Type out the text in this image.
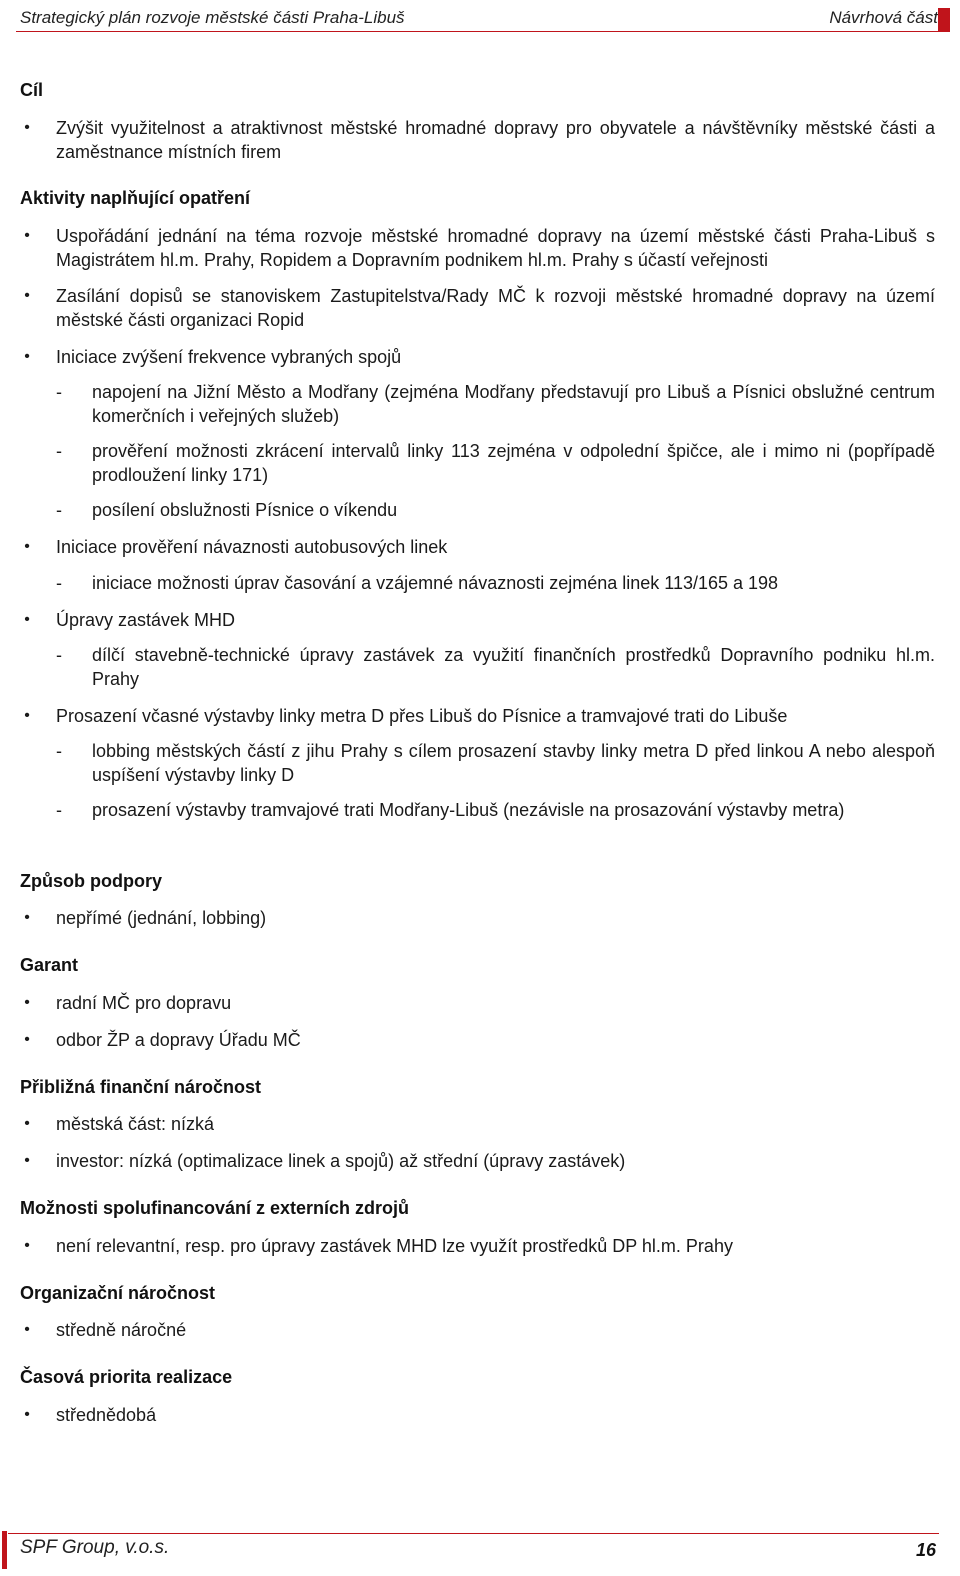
Strategický plán rozvoje městské části Praha-Libuš	Návrhová část
Cíl
• Zvýšit využitelnost a atraktivnost městské hromadné dopravy pro obyvatele a návštěvníky městské části a zaměstnance místních firem
Aktivity naplňující opatření
• Uspořádání jednání na téma rozvoje městské hromadné dopravy na území městské části Praha-Libuš s Magistrátem hl.m. Prahy, Ropidem a Dopravním podnikem hl.m. Prahy s účastí veřejnosti
• Zasílání dopisů se stanoviskem Zastupitelstva/Rady MČ k rozvoji městské hromadné dopravy na území městské části organizaci Ropid
• Iniciace zvýšení frekvence vybraných spojů
- napojení na Jižní Město a Modřany (zejména Modřany představují pro Libuš a Písnici obslužné centrum komerčních i veřejných služeb)
- prověření možnosti zkrácení intervalů linky 113 zejména v odpolední špičce, ale i mimo ni (popřípadě prodloužení linky 171)
- posílení obslužnosti Písnice o víkendu
• Iniciace prověření návaznosti autobusových linek
- iniciace možnosti úprav časování a vzájemné návaznosti zejména linek 113/165 a 198
• Úpravy zastávek MHD
- dílčí stavebně-technické úpravy zastávek za využití finančních prostředků Dopravního podniku hl.m. Prahy
• Prosazení včasné výstavby linky metra D přes Libuš do Písnice a tramvajové trati do Libuše
- lobbing městských částí z jihu Prahy s cílem prosazení stavby linky metra D před linkou A nebo alespoň uspíšení výstavby linky D
- prosazení výstavby tramvajové trati Modřany-Libuš (nezávisle na prosazování výstavby metra)
Způsob podpory
• nepřímé (jednání, lobbing)
Garant
• radní MČ pro dopravu
• odbor ŽP a dopravy Úřadu MČ
Přibližná finanční náročnost
• městská část: nízká
• investor: nízká (optimalizace linek a spojů) až střední (úpravy zastávek)
Možnosti spolufinancování z externích zdrojů
• není relevantní, resp. pro úpravy zastávek MHD lze využít prostředků DP hl.m. Prahy
Organizační náročnost
• středně náročné
Časová priorita realizace
• střednědobá
SPF Group, v.o.s.	16
